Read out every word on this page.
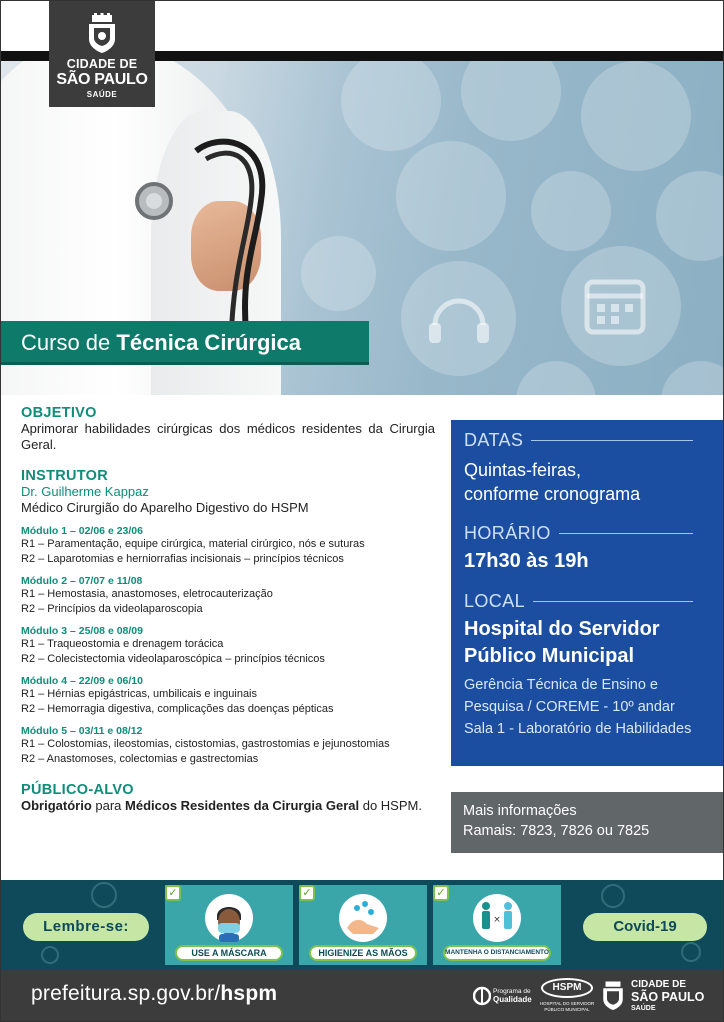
CIDADE DE
SÃO PAULO
SAÚDE
Curso de Técnica Cirúrgica
OBJETIVO
Aprimorar habilidades cirúrgicas dos médicos residentes da Cirurgia Geral.
INSTRUTOR
Dr. Guilherme Kappaz
Médico Cirurgião do Aparelho Digestivo do HSPM
Módulo 1 – 02/06 e 23/06
R1 – Paramentação, equipe cirúrgica, material cirúrgico, nós e suturas
R2 – Laparotomias e herniorrafias incisionais – princípios técnicos
Módulo 2 – 07/07 e 11/08
R1 – Hemostasia, anastomoses, eletrocauterização
R2 – Princípios da videolaparoscopia
Módulo 3 – 25/08 e 08/09
R1 – Traqueostomia e drenagem torácica
R2 – Colecistectomia videolaparoscópica – princípios técnicos
Módulo 4 – 22/09 e 06/10
R1 – Hérnias epigástricas, umbilicais e inguinais
R2 – Hemorragia digestiva, complicações das doenças pépticas
Módulo 5 – 03/11 e 08/12
R1 – Colostomias, ileostomias, cistostomias, gastrostomias e jejunostomias
R2 – Anastomoses, colectomias e gastrectomias
PÚBLICO-ALVO
Obrigatório para Médicos Residentes da Cirurgia Geral do HSPM.
DATAS
Quintas-feiras,
conforme cronograma
HORÁRIO
17h30 às 19h
LOCAL
Hospital do Servidor
Público Municipal
Gerência Técnica de Ensino e
Pesquisa / COREME - 10º andar
Sala 1 - Laboratório de Habilidades
Mais informações
Ramais: 7823, 7826 ou 7825
Lembre-se:
✓
USE A MÁSCARA
✓
HIGIENIZE AS MÃOS
✓
×
MANTENHA O DISTANCIAMENTO
Covid-19
prefeitura.sp.gov.br/hspm	Programa de
Qualidade
HSPM
HOSPITAL DO SERVIDOR
PÚBLICO MUNICIPAL
CIDADE DE
SÃO PAULO
SAÚDE
